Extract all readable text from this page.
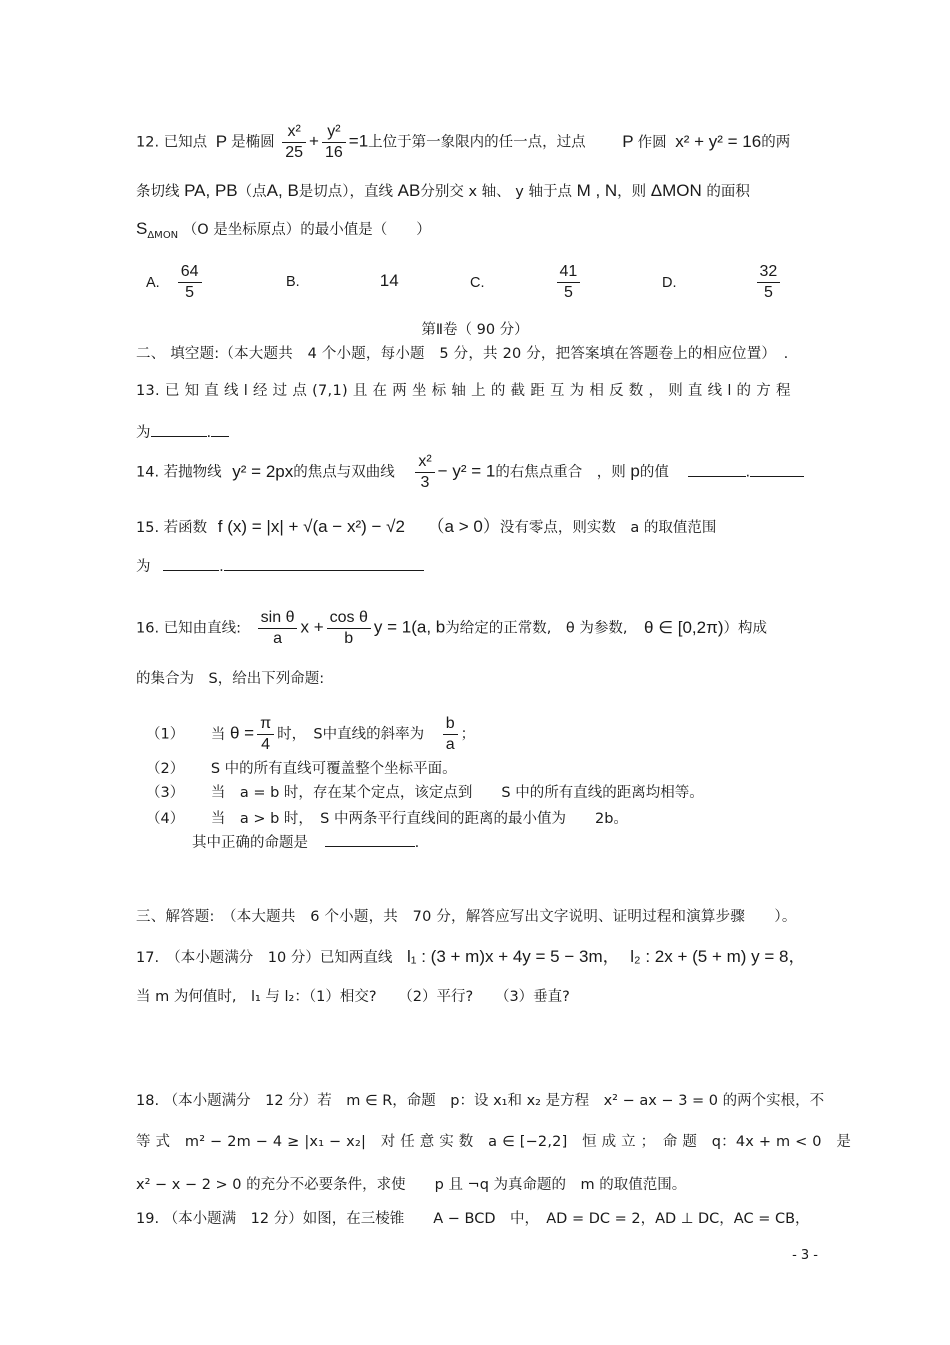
12. 已知点 P 是椭圆 $\frac{\text{x²}}{25} + \frac{\text{y²}}{16} =1$上位于第一象限内的任一点，过点 P 作圆 x² + y² = 16的两
条切线 PA, PB（点A, B是切点），直线 AB分别交 x 轴、 y 轴于点 M , N，则 ΔMON 的面积
$S_{\Delta MON}$ （O 是坐标原点）的最小值是（　　）
A. $\frac{64}{5}$	B.	14	C.	$\frac{41}{5}$	D.	$\frac{32}{5}$
第Ⅱ卷（ 90 分）
二、 填空题:（本大题共　4 个小题，每小题　5 分，共 20 分，把答案填在答题卷上的相应位置）　.
13. 已 知 直 线 l 经 过 点 (7,1) 且 在 两 坐 标 轴 上 的 截 距 互 为 相 反 数 ， 则 直 线 l 的 方 程
为	.
14. 若抛物线 y² = 2px的焦点与双曲线 $\frac{\text{x²}}{3} - y^2 = 1$的右焦点重合　，则 p的值	.
15. 若函数 f (x) = |x| + √(a − x²) − √2 （a > 0）没有零点，则实数　a 的取值范围
为	.
16. 已知由直线: $\frac{\text{sin θ}}{a}$ $x + \frac{\text{cos θ}}{b}$ y = 1(a, b为给定的正常数,　θ 为参数, θ ∈ [0,2π)）构成
的集合为　S，给出下列命题:
（1） 当 $\theta = \frac{\pi}{4}$ 时，　S中直线的斜率为 $\frac{b}{a}$ ；
（2） S 中的所有直线可覆盖整个坐标平面。
（3） 当　a = b 时，存在某个定点，该定点到　　S 中的所有直线的距离均相等。
（4） 当　a > b 时，　S 中两条平行直线间的距离的最小值为　　2b。
其中正确的命题是	.
三、解答题:　（本大题共　6 个小题，共　70 分，解答应写出文字说明、证明过程和演算步骤　　）。
17.　（本小题满分　10 分）已知两直线 l₁ : (3 + m)x + 4y = 5 − 3m， l₂ : 2x + (5 + m) y = 8，
当 m 为何值时,　l₁ 与 l₂：（1）相交?　　（2）平行?　　（3）垂直?
18. （本小题满分　12 分）若　m ∈ R，命题　p：设 x₁和 x₂ 是方程　x² − ax − 3 = 0 的两个实根，不
等 式　m² − 2m − 4 ≥ |x₁ − x₂|　对 任 意 实 数　a ∈ [−2,2]　恒 成 立 ；　命 题　q：4x + m < 0　是
x² − x − 2 > 0 的充分不必要条件，求使　　p 且 ¬q 为真命题的　m 的取值范围。
19. （本小题满　12 分）如图，在三棱锥　　A − BCD　中，　AD = DC = 2，AD ⊥ DC，AC = CB，
- 3 -
